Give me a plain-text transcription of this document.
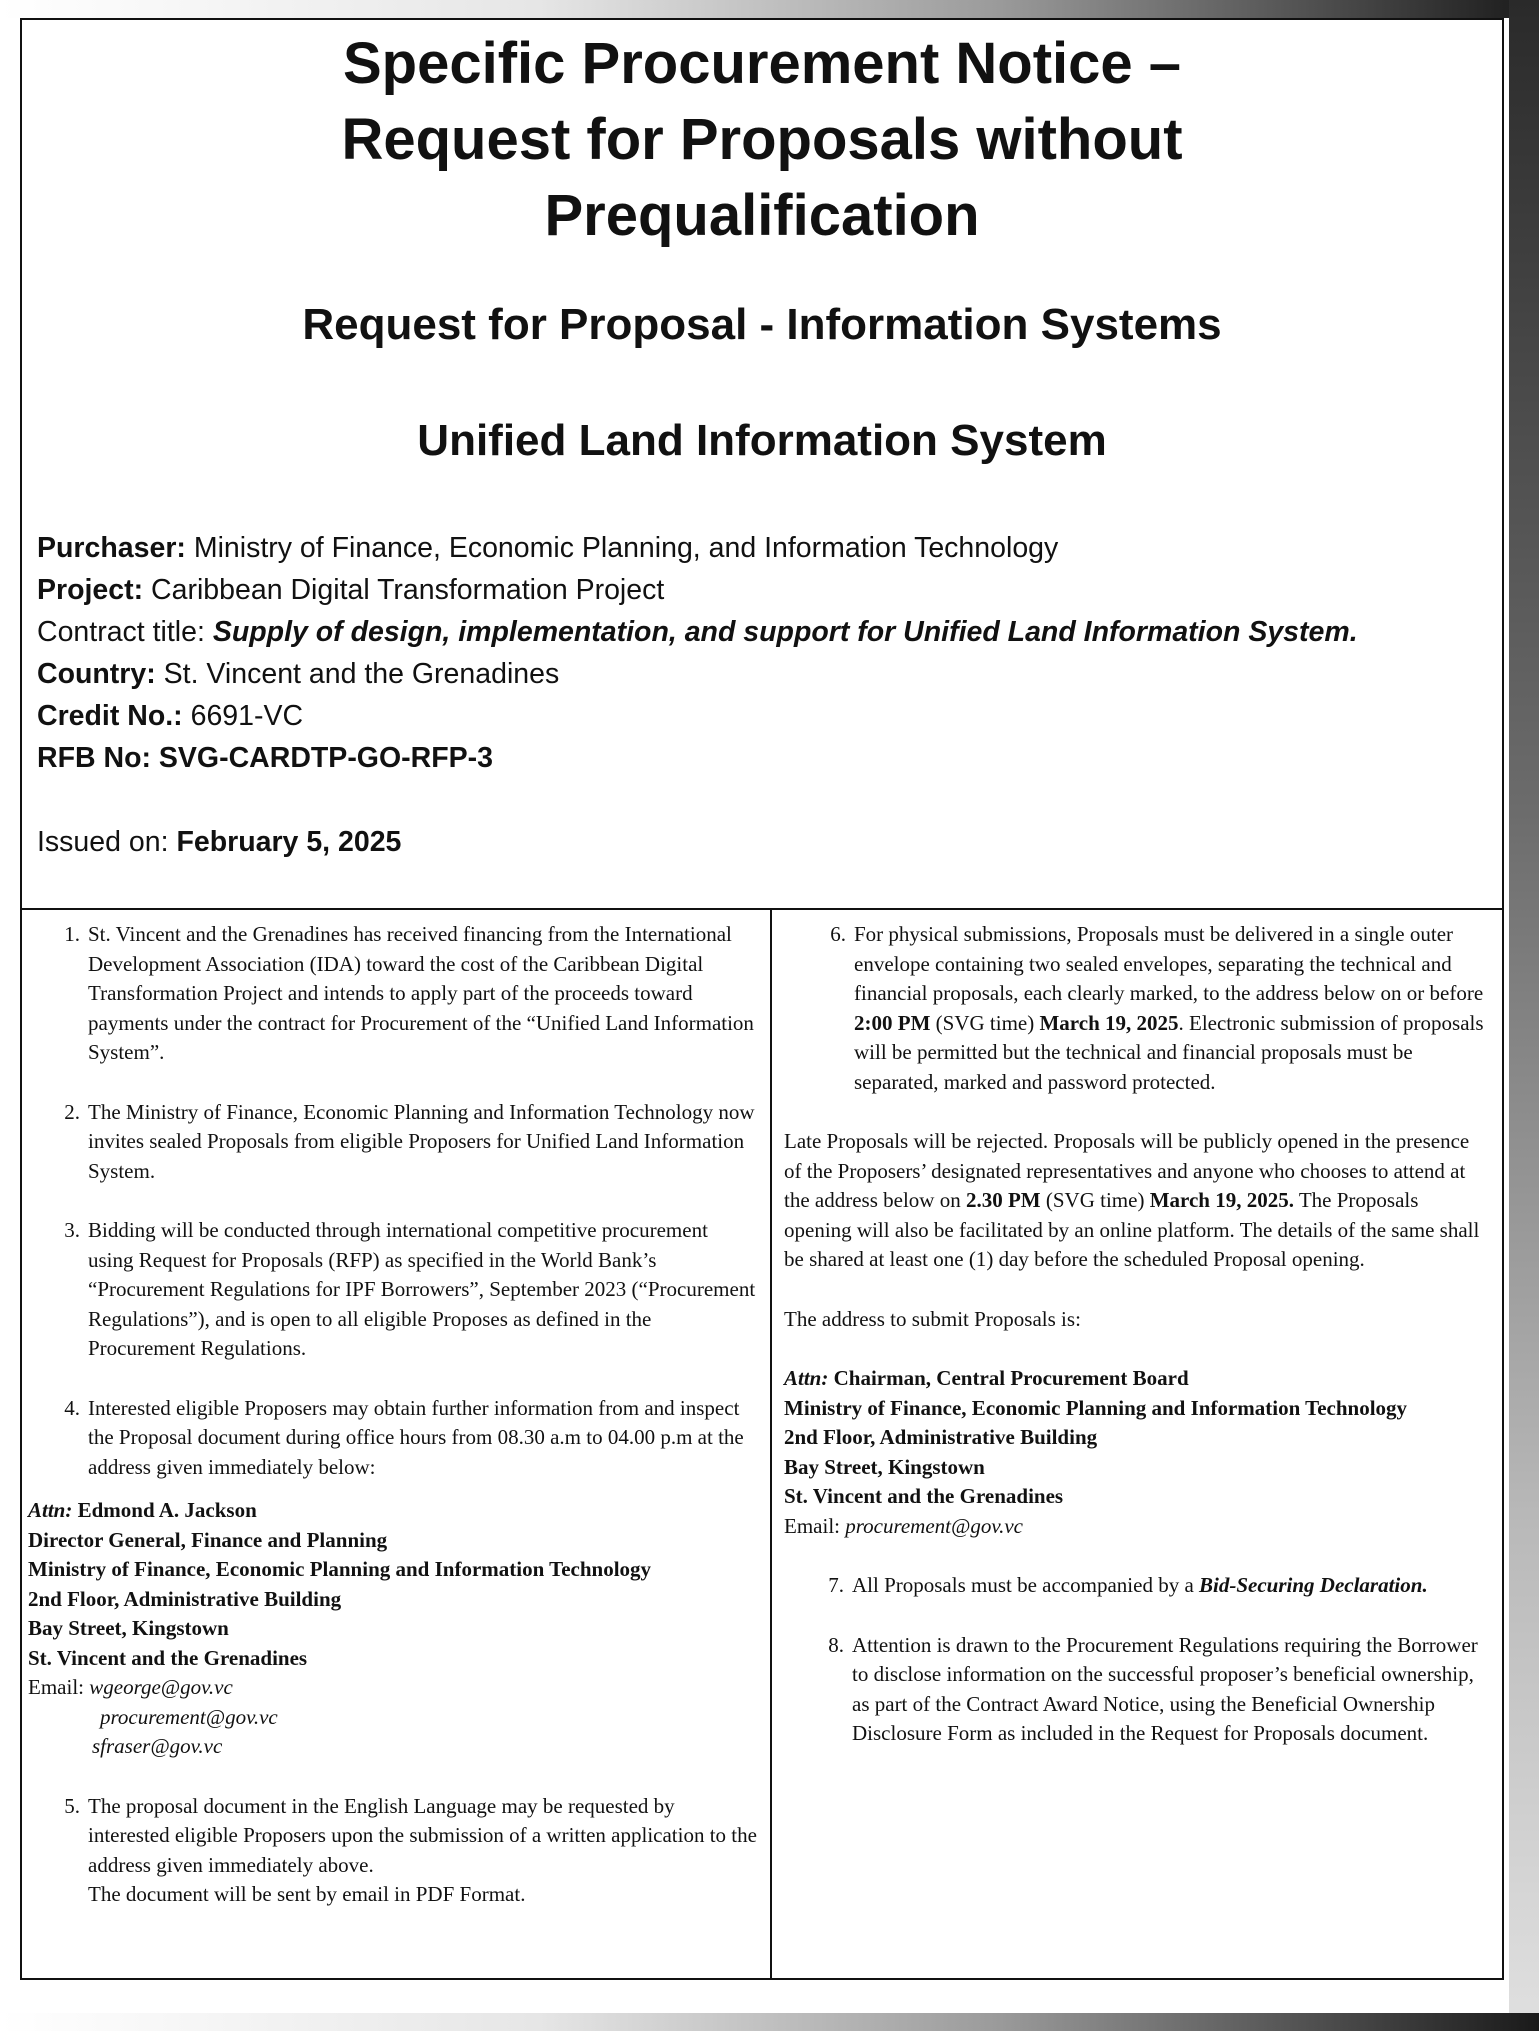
Specific Procurement Notice –
Request for Proposals without
Prequalification
Request for Proposal - Information Systems
Unified Land Information System
Purchaser: Ministry of Finance, Economic Planning, and Information Technology
Project: Caribbean Digital Transformation Project
Contract title: Supply of design, implementation, and support for Unified Land Information System.
Country: St. Vincent and the Grenadines
Credit No.: 6691-VC
RFB No: SVG-CARDTP-GO-RFP-3
Issued on: February 5, 2025
1. St. Vincent and the Grenadines has received financing from the International Development Association (IDA) toward the cost of the Caribbean Digital Transformation Project and intends to apply part of the proceeds toward payments under the contract for Procurement of the “Unified Land Information System”.
2. The Ministry of Finance, Economic Planning and Information Technology now invites sealed Proposals from eligible Proposers for Unified Land Information System.
3. Bidding will be conducted through international competitive procurement using Request for Proposals (RFP) as specified in the World Bank’s “Procurement Regulations for IPF Borrowers”, September 2023 (“Procurement Regulations”), and is open to all eligible Proposes as defined in the Procurement Regulations.
4. Interested eligible Proposers may obtain further information from and inspect the Proposal document during office hours from 08.30 a.m to 04.00 p.m at the address given immediately below:
Attn: Edmond A. Jackson
Director General, Finance and Planning
Ministry of Finance, Economic Planning and Information Technology
2nd Floor, Administrative Building
Bay Street, Kingstown
St. Vincent and the Grenadines
Email: wgeorge@gov.vc
procurement@gov.vc
sfraser@gov.vc
5. The proposal document in the English Language may be requested by interested eligible Proposers upon the submission of a written application to the address given immediately above.
The document will be sent by email in PDF Format.
6. For physical submissions, Proposals must be delivered in a single outer envelope containing two sealed envelopes, separating the technical and financial proposals, each clearly marked, to the address below on or before 2:00 PM (SVG time) March 19, 2025. Electronic submission of proposals will be permitted but the technical and financial proposals must be separated, marked and password protected.

Late Proposals will be rejected. Proposals will be publicly opened in the presence of the Proposers’ designated representatives and anyone who chooses to attend at the address below on 2.30 PM (SVG time) March 19, 2025. The Proposals opening will also be facilitated by an online platform. The details of the same shall be shared at least one (1) day before the scheduled Proposal opening.

The address to submit Proposals is:

Attn: Chairman, Central Procurement Board
Ministry of Finance, Economic Planning and Information Technology
2nd Floor, Administrative Building
Bay Street, Kingstown
St. Vincent and the Grenadines
Email: procurement@gov.vc
7. All Proposals must be accompanied by a Bid-Securing Declaration.
8. Attention is drawn to the Procurement Regulations requiring the Borrower to disclose information on the successful proposer’s beneficial ownership, as part of the Contract Award Notice, using the Beneficial Ownership Disclosure Form as included in the Request for Proposals document.
